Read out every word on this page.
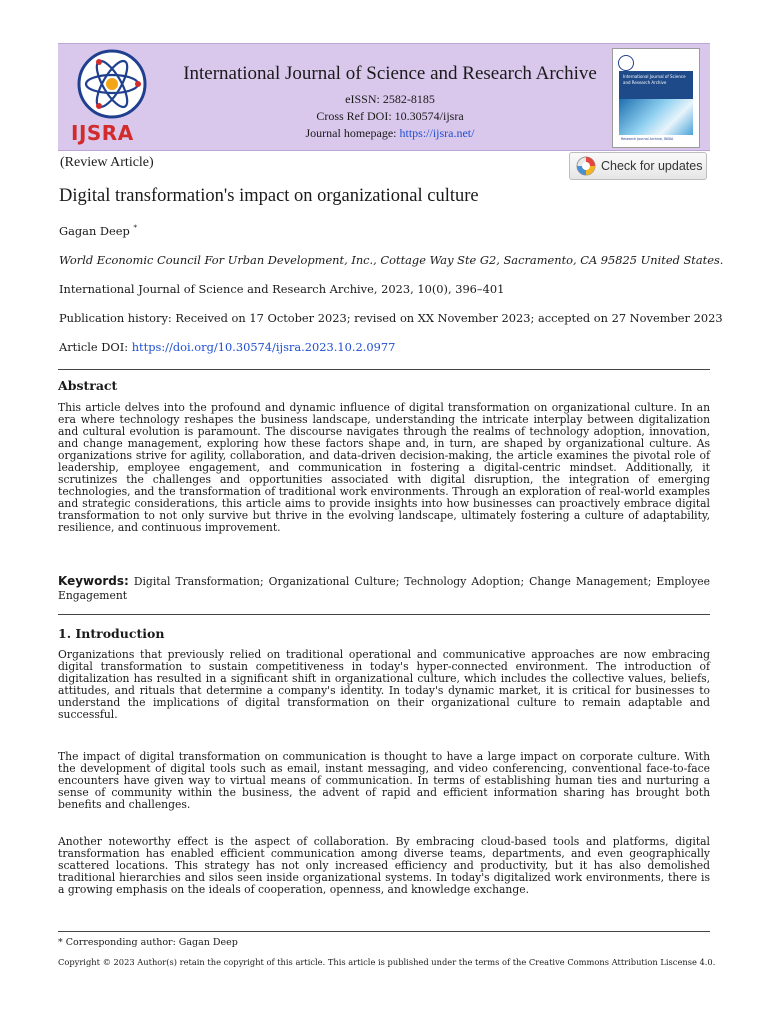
IJSRA
International Journal of Science and Research Archive
eISSN: 2582-8185
Cross Ref DOI: 10.30574/ijsra
Journal homepage: https://ijsra.net/
·
International Journal of Science and Research Archive
Research Journal Archive, INDIA
(Review Article)	Check for updates
Digital transformation's impact on organizational culture
Gagan Deep *
World Economic Council For Urban Development, Inc., Cottage Way Ste G2, Sacramento, CA 95825 United States.
International Journal of Science and Research Archive, 2023, 10(0), 396–401
Publication history: Received on 17 October 2023; revised on XX November 2023; accepted on 27 November 2023
Article DOI: https://doi.org/10.30574/ijsra.2023.10.2.0977
Abstract

This article delves into the profound and dynamic influence of digital transformation on organizational culture. In an era where technology reshapes the business landscape, understanding the intricate interplay between digitalization and cultural evolution is paramount. The discourse navigates through the realms of technology adoption, innovation, and change management, exploring how these factors shape and, in turn, are shaped by organizational culture. As organizations strive for agility, collaboration, and data-driven decision-making, the article examines the pivotal role of leadership, employee engagement, and communication in fostering a digital-centric mindset. Additionally, it scrutinizes the challenges and opportunities associated with digital disruption, the integration of emerging technologies, and the transformation of traditional work environments. Through an exploration of real-world examples and strategic considerations, this article aims to provide insights into how businesses can proactively embrace digital transformation to not only survive but thrive in the evolving landscape, ultimately fostering a culture of adaptability, resilience, and continuous improvement.

Keywords: Digital Transformation; Organizational Culture; Technology Adoption; Change Management; Employee Engagement
1. Introduction

Organizations that previously relied on traditional operational and communicative approaches are now embracing digital transformation to sustain competitiveness in today's hyper-connected environment. The introduction of digitalization has resulted in a significant shift in organizational culture, which includes the collective values, beliefs, attitudes, and rituals that determine a company's identity. In today's dynamic market, it is critical for businesses to understand the implications of digital transformation on their organizational culture to remain adaptable and successful.

The impact of digital transformation on communication is thought to have a large impact on corporate culture. With the development of digital tools such as email, instant messaging, and video conferencing, conventional face-to-face encounters have given way to virtual means of communication. In terms of establishing human ties and nurturing a sense of community within the business, the advent of rapid and efficient information sharing has brought both benefits and challenges.

Another noteworthy effect is the aspect of collaboration. By embracing cloud-based tools and platforms, digital transformation has enabled efficient communication among diverse teams, departments, and even geographically scattered locations. This strategy has not only increased efficiency and productivity, but it has also demolished traditional hierarchies and silos seen inside organizational systems. In today's digitalized work environments, there is a growing emphasis on the ideals of cooperation, openness, and knowledge exchange.

* Corresponding author: Gagan Deep
Copyright © 2023 Author(s) retain the copyright of this article. This article is published under the terms of the Creative Commons Attribution Liscense 4.0.
